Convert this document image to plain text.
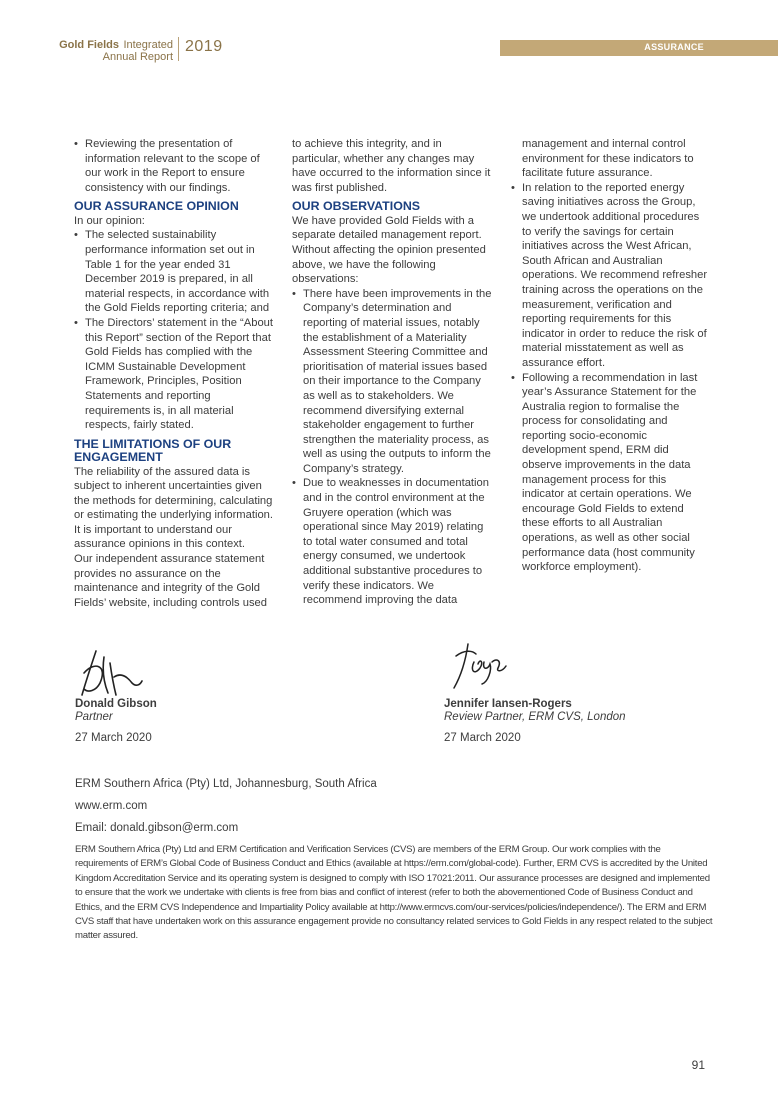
Gold Fields Integrated
Annual Report
2019	ASSURANCE
• Reviewing the presentation of information relevant to the scope of our work in the Report to ensure consistency with our findings.
OUR ASSURANCE OPINION

In our opinion:

• The selected sustainability performance information set out in Table 1 for the year ended 31 December 2019 is prepared, in all material respects, in accordance with the Gold Fields reporting criteria; and
• The Directors’ statement in the “About this Report” section of the Report that Gold Fields has complied with the ICMM Sustainable Development Framework, Principles, Position Statements and reporting requirements is, in all material respects, fairly stated.
THE LIMITATIONS OF OUR ENGAGEMENT

The reliability of the assured data is subject to inherent uncertainties given the methods for determining, calculating or estimating the underlying information. It is important to understand our assurance opinions in this context.

Our independent assurance statement provides no assurance on the maintenance and integrity of the Gold Fields’ website, including controls used

to achieve this integrity, and in particular, whether any changes may have occurred to the information since it was first published.

OUR OBSERVATIONS

We have provided Gold Fields with a separate detailed management report. Without affecting the opinion presented above, we have the following observations:

• There have been improvements in the Company’s determination and reporting of material issues, notably the establishment of a Materiality Assessment Steering Committee and prioritisation of material issues based on their importance to the Company as well as to stakeholders. We recommend diversifying external stakeholder engagement to further strengthen the materiality process, as well as using the outputs to inform the Company’s strategy.
• Due to weaknesses in documentation and in the control environment at the Gruyere operation (which was operational since May 2019) relating to total water consumed and total energy consumed, we undertook additional substantive procedures to verify these indicators. We recommend improving the data

management and internal control environment for these indicators to facilitate future assurance.

• In relation to the reported energy saving initiatives across the Group, we undertook additional procedures to verify the savings for certain initiatives across the West African, South African and Australian operations. We recommend refresher training across the operations on the measurement, verification and reporting requirements for this indicator in order to reduce the risk of material misstatement as well as assurance effort.
• Following a recommendation in last year’s Assurance Statement for the Australia region to formalise the process for consolidating and reporting socio-economic development spend, ERM did observe improvements in the data management process for this indicator at certain operations. We encourage Gold Fields to extend these efforts to all Australian operations, as well as other social performance data (host community workforce employment).
Donald Gibson
Partner
27 March 2020
Jennifer Iansen-Rogers
Review Partner, ERM CVS, London
27 March 2020
ERM Southern Africa (Pty) Ltd, Johannesburg, South Africa
www.erm.com
Email: donald.gibson@erm.com
ERM Southern Africa (Pty) Ltd and ERM Certification and Verification Services (CVS) are members of the ERM Group. Our work complies with the requirements of ERM’s Global Code of Business Conduct and Ethics (available at https://erm.com/global-code). Further, ERM CVS is accredited by the United Kingdom Accreditation Service and its operating system is designed to comply with ISO 17021:2011. Our assurance processes are designed and implemented to ensure that the work we undertake with clients is free from bias and conflict of interest (refer to both the abovementioned Code of Business Conduct and Ethics, and the ERM CVS Independence and Impartiality Policy available at http://www.ermcvs.com/our-services/policies/independence/). The ERM and ERM CVS staff that have undertaken work on this assurance engagement provide no consultancy related services to Gold Fields in any respect related to the subject matter assured.
91
